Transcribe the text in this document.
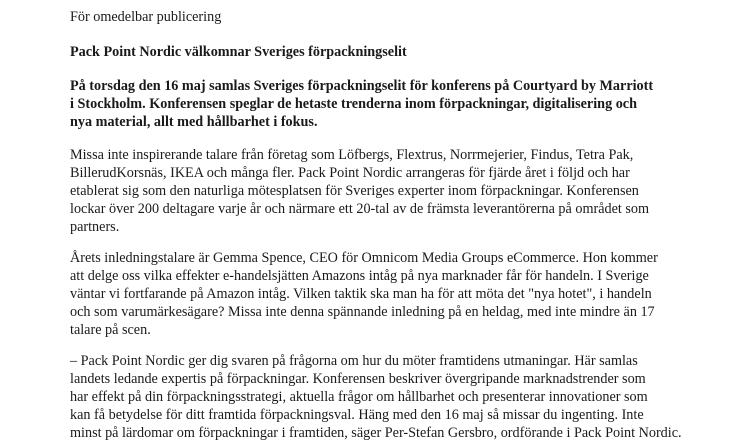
För omedelbar publicering

Pack Point Nordic välkomnar Sveriges förpackningselit

På torsdag den 16 maj samlas Sveriges förpackningselit för konferens på Courtyard by Marriott
i Stockholm. Konferensen speglar de hetaste trenderna inom förpackningar, digitalisering och
nya material, allt med hållbarhet i fokus.

Missa inte inspirerande talare från företag som Löfbergs, Flextrus, Norrmejerier, Findus, Tetra Pak,
BillerudKorsnäs, IKEA och många fler. Pack Point Nordic arrangeras för fjärde året i följd och har
etablerat sig som den naturliga mötesplatsen för Sveriges experter inom förpackningar. Konferensen
lockar över 200 deltagare varje år och närmare ett 20-tal av de främsta leverantörerna på området som
partners.

Årets inledningstalare är Gemma Spence, CEO för Omnicom Media Groups eCommerce. Hon kommer
att delge oss vilka effekter e-handelsjätten Amazons intåg på nya marknader får för handeln. I Sverige
väntar vi fortfarande på Amazon intåg. Vilken taktik ska man ha för att möta det "nya hotet", i handeln
och som varumärkesägare? Missa inte denna spännande inledning på en heldag, med inte mindre än 17
talare på scen.

– Pack Point Nordic ger dig svaren på frågorna om hur du möter framtidens utmaningar. Här samlas
landets ledande expertis på förpackningar. Konferensen beskriver övergripande marknadstrender som
har effekt på din förpackningsstrategi, aktuella frågor om hållbarhet och presenterar innovationer som
kan få betydelse för ditt framtida förpackningsval. Häng med den 16 maj så missar du ingenting. Inte
minst på lärdomar om förpackningar i framtiden, säger Per-Stefan Gersbro, ordförande i Pack Point Nordic.
